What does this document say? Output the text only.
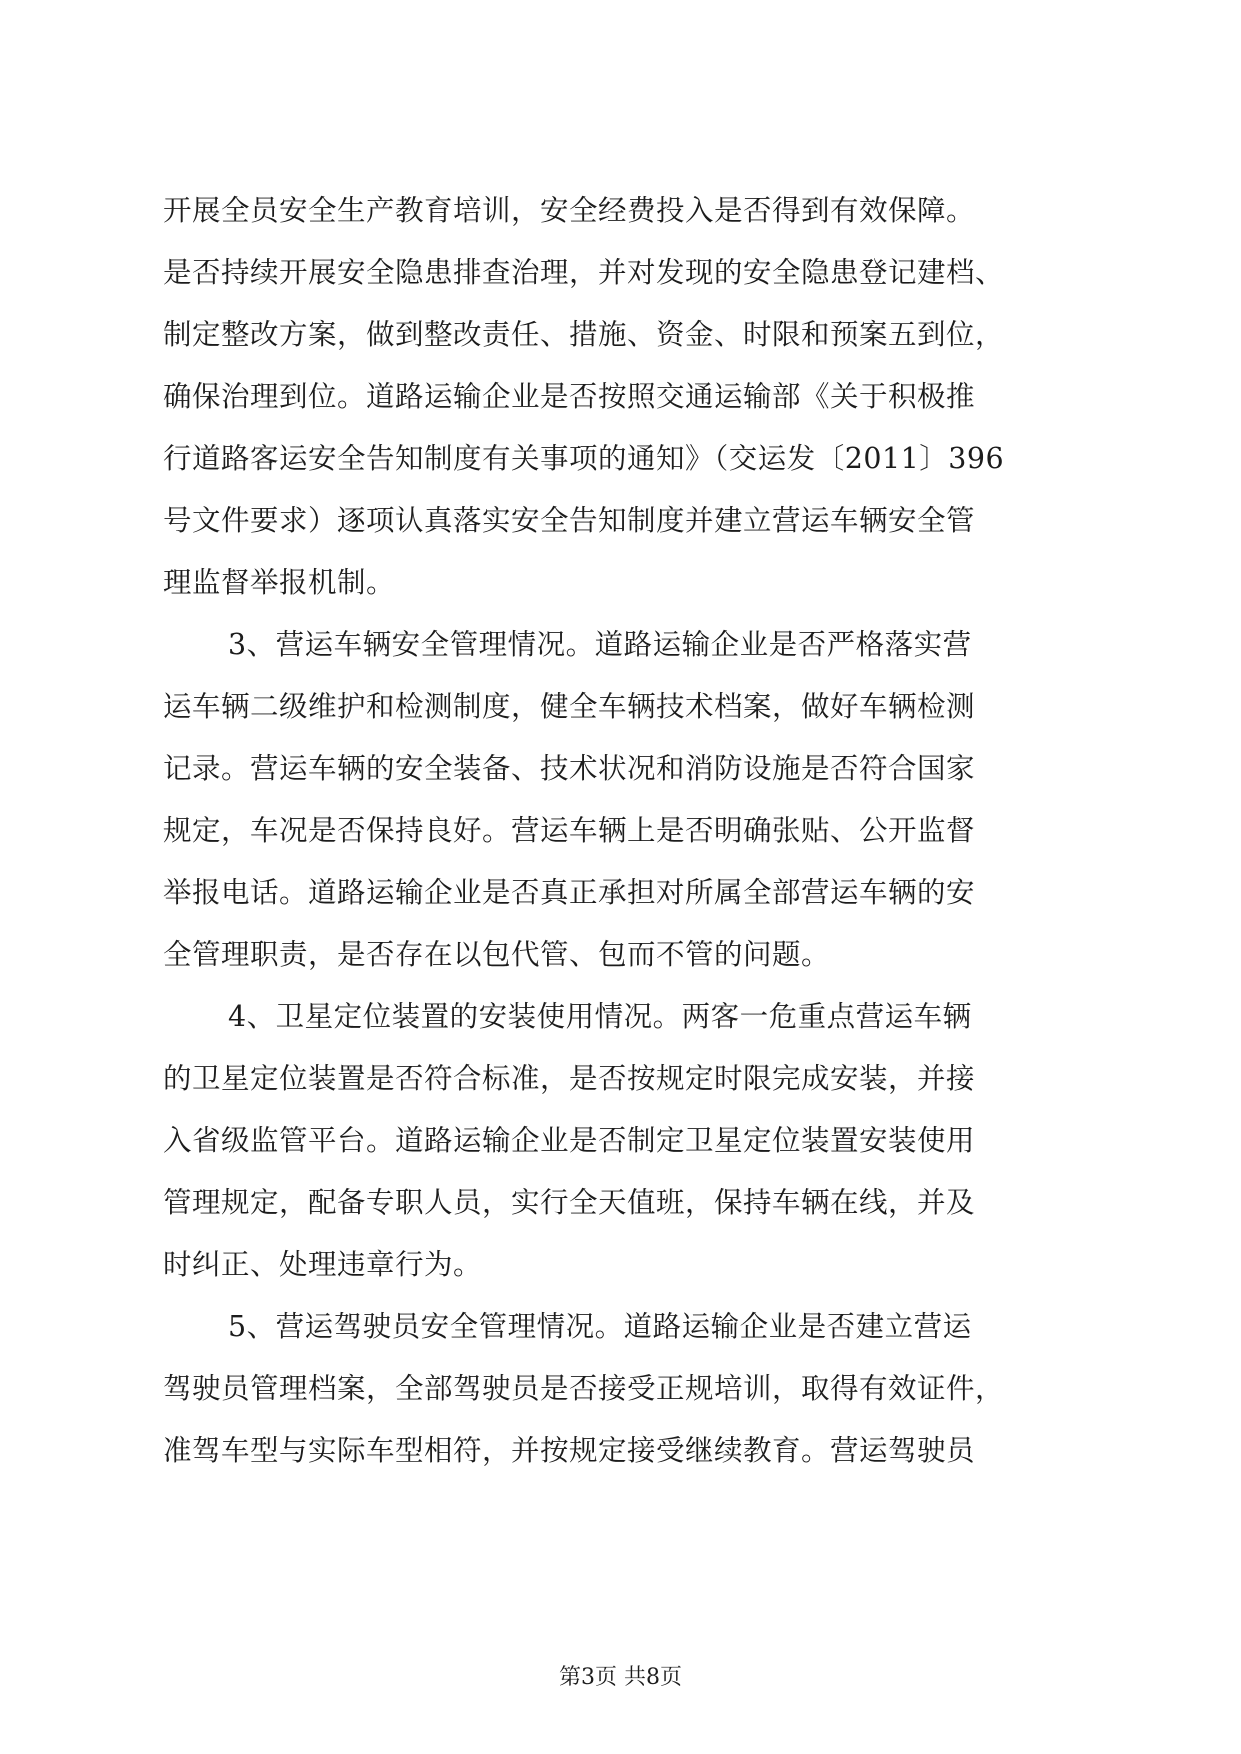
开展全员安全生产教育培训，安全经费投入是否得到有效保障。
是否持续开展安全隐患排查治理，并对发现的安全隐患登记建档、
制定整改方案，做到整改责任、措施、资金、时限和预案五到位，
确保治理到位。道路运输企业是否按照交通运输部《关于积极推
行道路客运安全告知制度有关事项的通知》（交运发〔2011〕396
号文件要求）逐项认真落实安全告知制度并建立营运车辆安全管
理监督举报机制。
3、营运车辆安全管理情况。道路运输企业是否严格落实营
运车辆二级维护和检测制度，健全车辆技术档案，做好车辆检测
记录。营运车辆的安全装备、技术状况和消防设施是否符合国家
规定，车况是否保持良好。营运车辆上是否明确张贴、公开监督
举报电话。道路运输企业是否真正承担对所属全部营运车辆的安
全管理职责，是否存在以包代管、包而不管的问题。
4、卫星定位装置的安装使用情况。两客一危重点营运车辆
的卫星定位装置是否符合标准，是否按规定时限完成安装，并接
入省级监管平台。道路运输企业是否制定卫星定位装置安装使用
管理规定，配备专职人员，实行全天值班，保持车辆在线，并及
时纠正、处理违章行为。
5、营运驾驶员安全管理情况。道路运输企业是否建立营运
驾驶员管理档案，全部驾驶员是否接受正规培训，取得有效证件，
准驾车型与实际车型相符，并按规定接受继续教育。营运驾驶员
第3页 共8页
